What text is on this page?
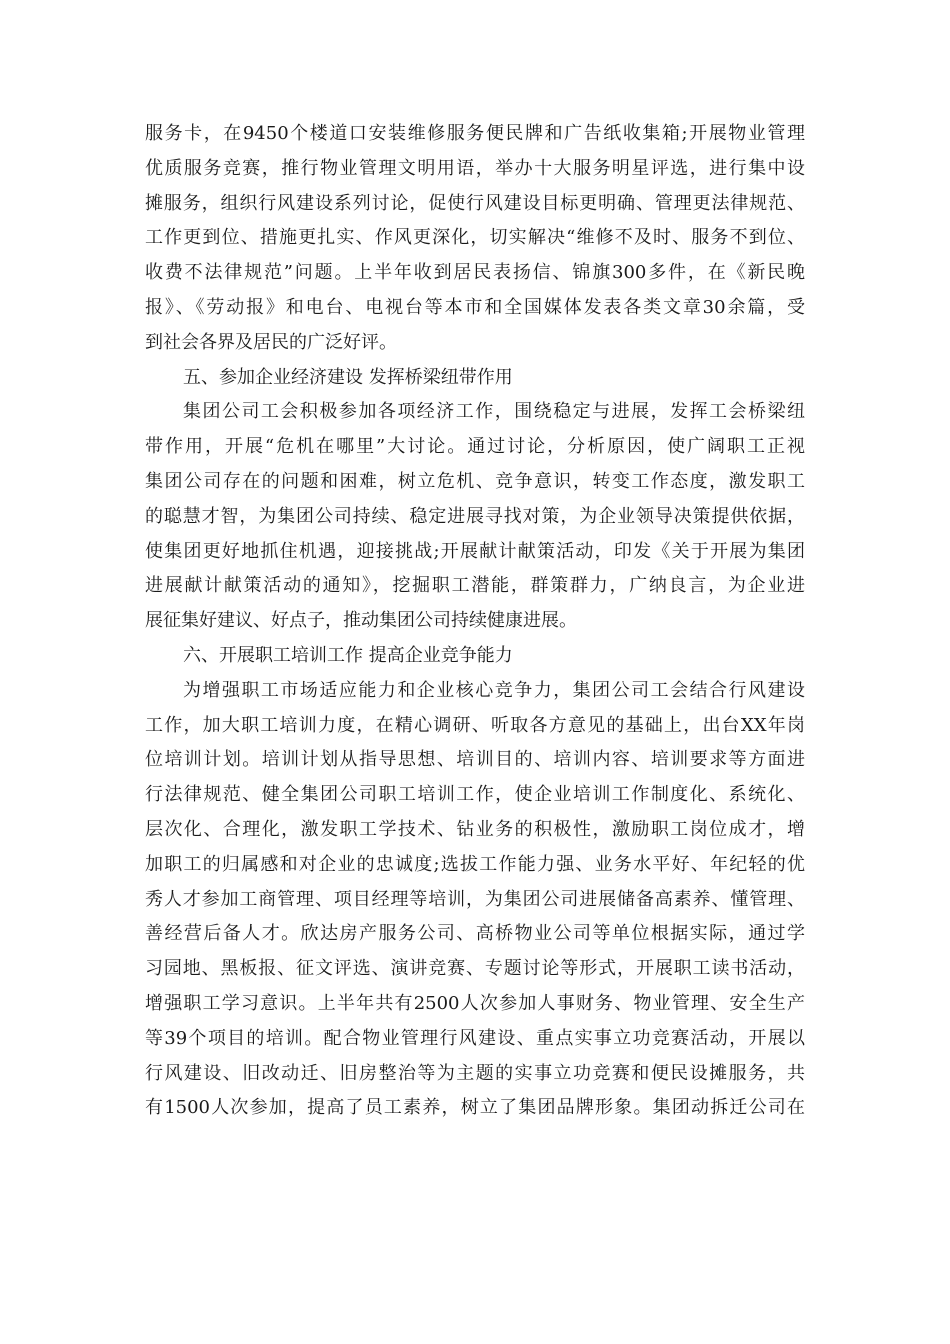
服务卡，在9450个楼道口安装维修服务便民牌和广告纸收集箱;开展物业管理
优质服务竞赛，推行物业管理文明用语，举办十大服务明星评选，进行集中设
摊服务，组织行风建设系列讨论，促使行风建设目标更明确、管理更法律规范、
工作更到位、措施更扎实、作风更深化，切实解决“维修不及时、服务不到位、
收费不法律规范”问题。上半年收到居民表扬信、锦旗300多件，在《新民晚
报》、《劳动报》和电台、电视台等本市和全国媒体发表各类文章30余篇，受
到社会各界及居民的广泛好评。
五、参加企业经济建设 发挥桥梁纽带作用
集团公司工会积极参加各项经济工作，围绕稳定与进展，发挥工会桥梁纽
带作用，开展“危机在哪里”大讨论。通过讨论，分析原因，使广阔职工正视
集团公司存在的问题和困难，树立危机、竞争意识，转变工作态度，激发职工
的聪慧才智，为集团公司持续、稳定进展寻找对策，为企业领导决策提供依据，
使集团更好地抓住机遇，迎接挑战;开展献计献策活动，印发《关于开展为集团
进展献计献策活动的通知》，挖掘职工潜能，群策群力，广纳良言，为企业进
展征集好建议、好点子，推动集团公司持续健康进展。
六、开展职工培训工作 提高企业竞争能力
为增强职工市场适应能力和企业核心竞争力，集团公司工会结合行风建设
工作，加大职工培训力度，在精心调研、听取各方意见的基础上，出台XX年岗
位培训计划。培训计划从指导思想、培训目的、培训内容、培训要求等方面进
行法律规范、健全集团公司职工培训工作，使企业培训工作制度化、系统化、
层次化、合理化，激发职工学技术、钻业务的积极性，激励职工岗位成才，增
加职工的归属感和对企业的忠诚度;选拔工作能力强、业务水平好、年纪轻的优
秀人才参加工商管理、项目经理等培训，为集团公司进展储备高素养、懂管理、
善经营后备人才。欣达房产服务公司、高桥物业公司等单位根据实际，通过学
习园地、黑板报、征文评选、演讲竞赛、专题讨论等形式，开展职工读书活动，
增强职工学习意识。上半年共有2500人次参加人事财务、物业管理、安全生产
等39个项目的培训。配合物业管理行风建设、重点实事立功竞赛活动，开展以
行风建设、旧改动迁、旧房整治等为主题的实事立功竞赛和便民设摊服务，共
有1500人次参加，提高了员工素养，树立了集团品牌形象。集团动拆迁公司在
